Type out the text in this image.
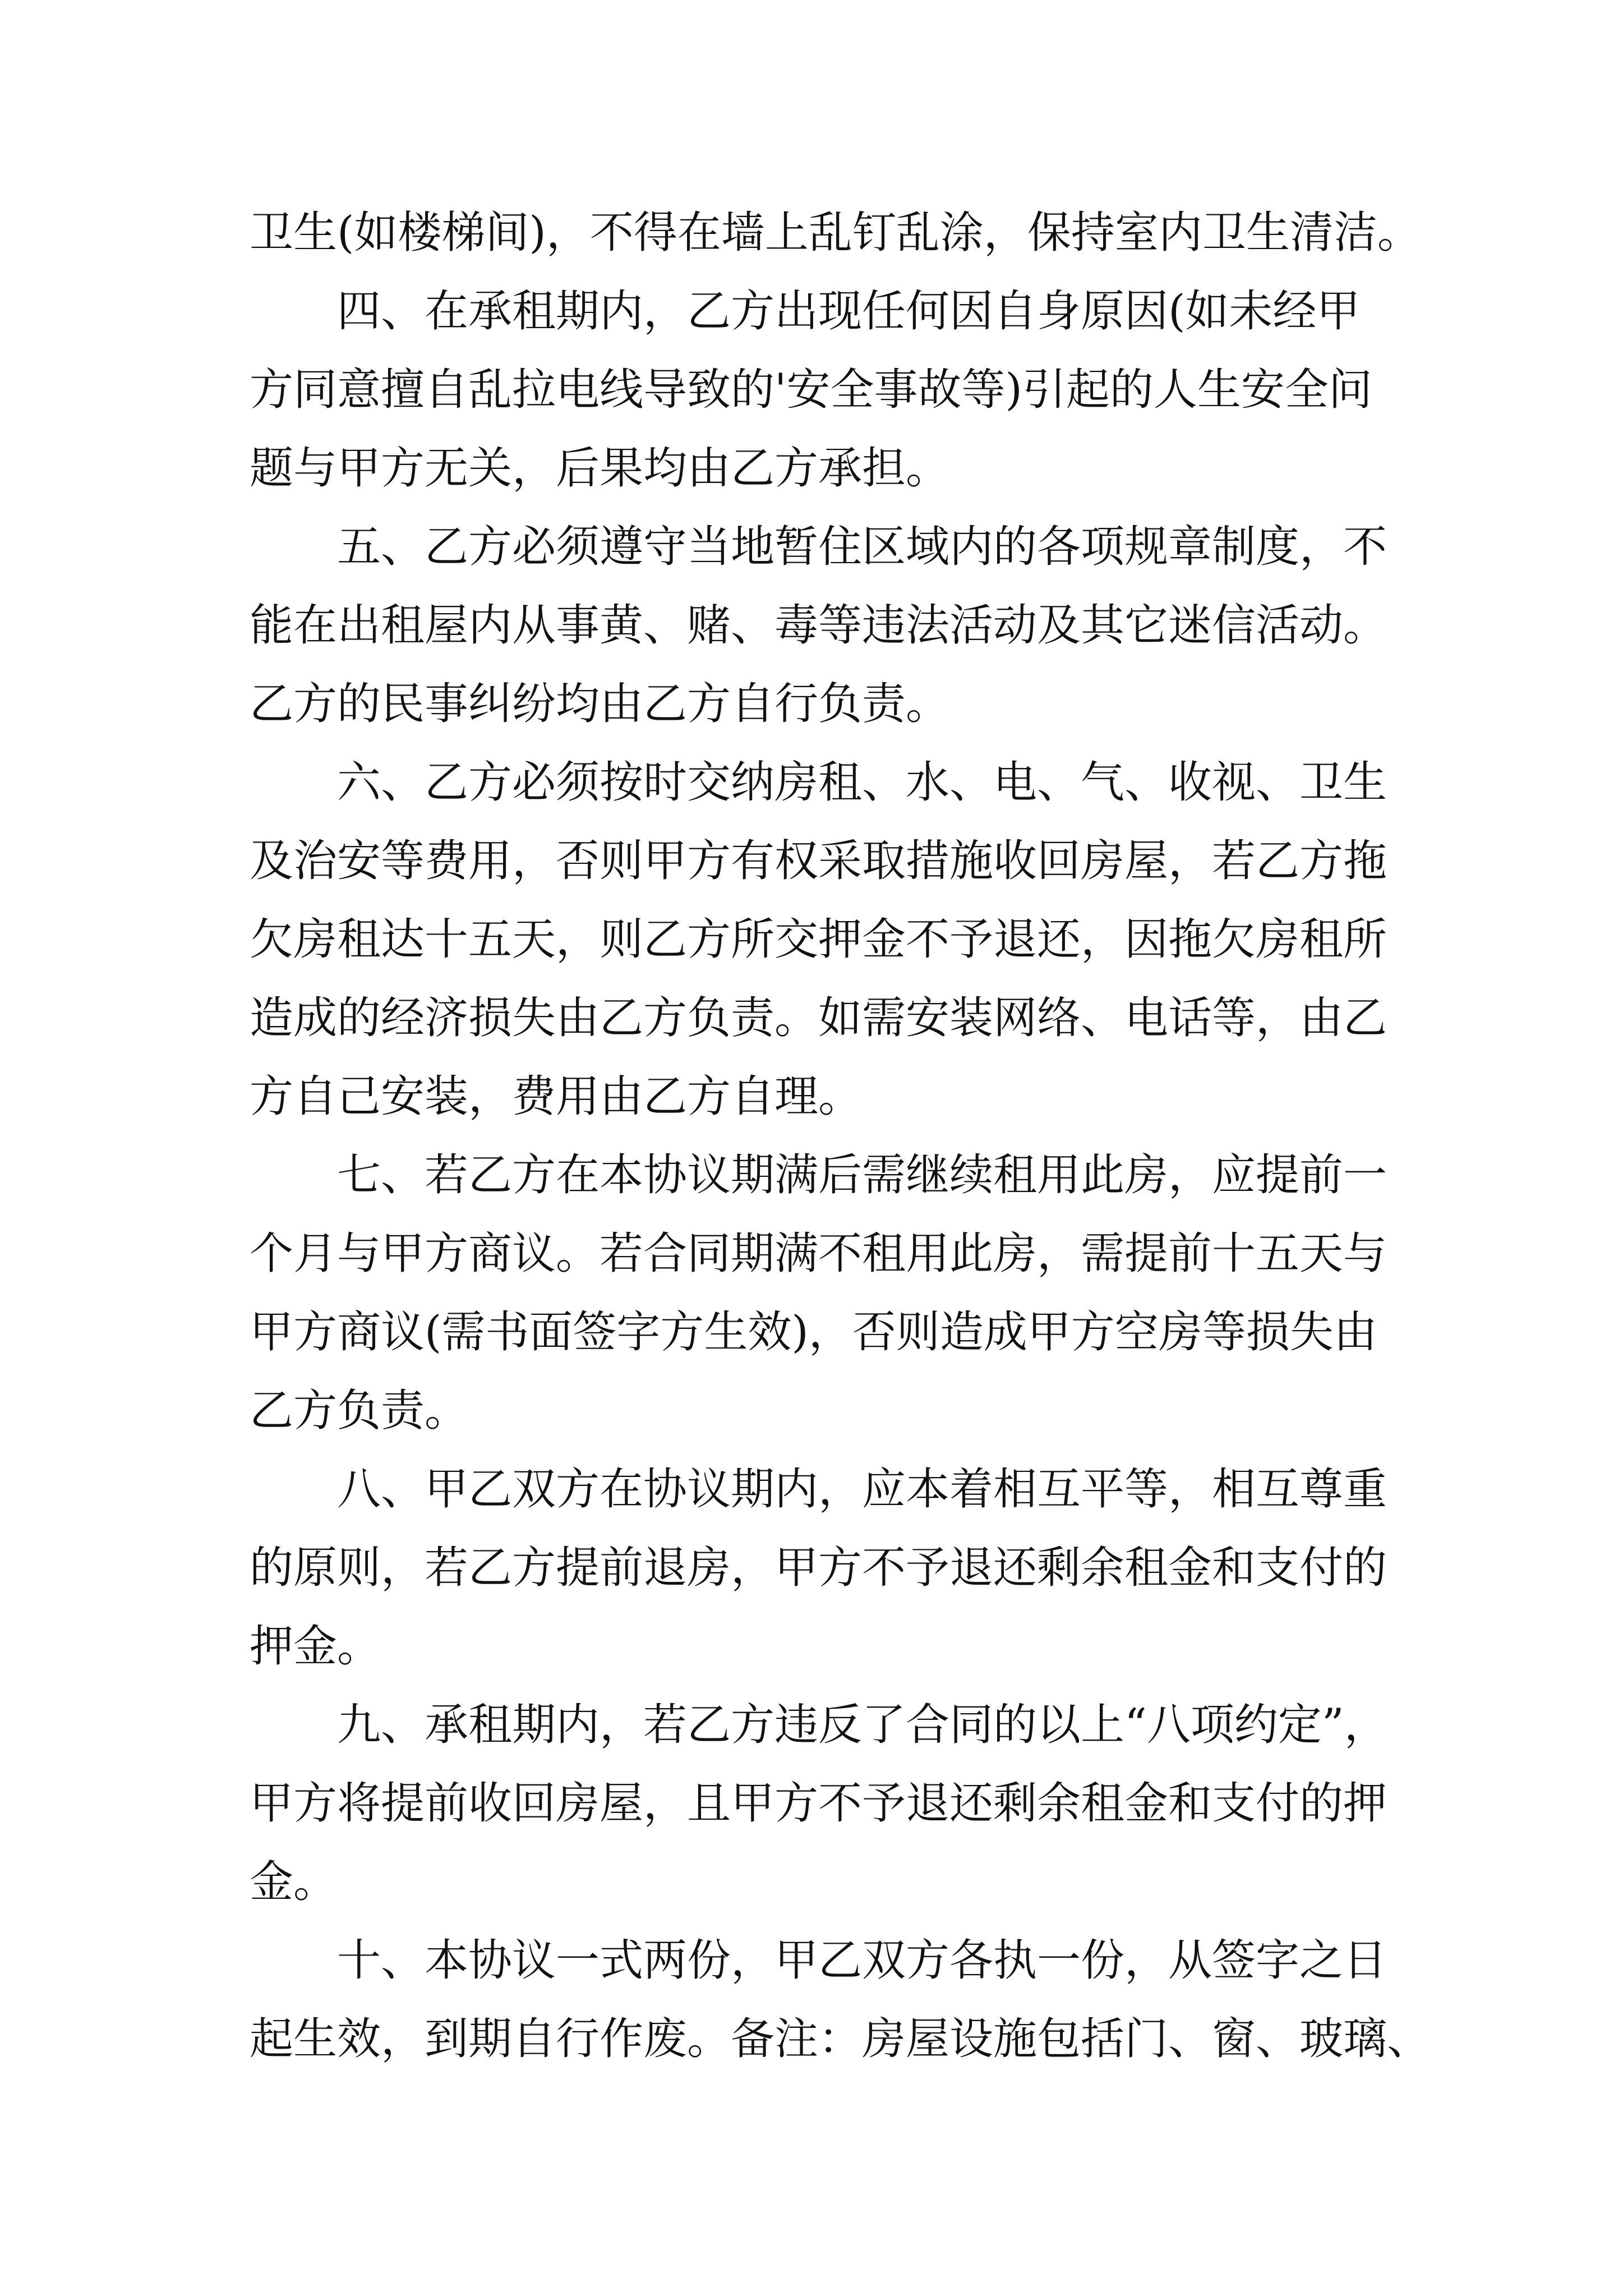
卫生(如楼梯间)，不得在墙上乱钉乱涂，保持室内卫生清洁。
四、在承租期内，乙方出现任何因自身原因(如未经甲
方同意擅自乱拉电线导致的'安全事故等)引起的人生安全问
题与甲方无关，后果均由乙方承担。
五、乙方必须遵守当地暂住区域内的各项规章制度，不
能在出租屋内从事黄、赌、毒等违法活动及其它迷信活动。
乙方的民事纠纷均由乙方自行负责。
六、乙方必须按时交纳房租、水、电、气、收视、卫生
及治安等费用，否则甲方有权采取措施收回房屋，若乙方拖
欠房租达十五天，则乙方所交押金不予退还，因拖欠房租所
造成的经济损失由乙方负责。如需安装网络、电话等，由乙
方自己安装，费用由乙方自理。
七、若乙方在本协议期满后需继续租用此房，应提前一
个月与甲方商议。若合同期满不租用此房，需提前十五天与
甲方商议(需书面签字方生效)，否则造成甲方空房等损失由
乙方负责。
八、甲乙双方在协议期内，应本着相互平等，相互尊重
的原则，若乙方提前退房，甲方不予退还剩余租金和支付的
押金。
九、承租期内，若乙方违反了合同的以上“八项约定”，
甲方将提前收回房屋，且甲方不予退还剩余租金和支付的押
金。
十、本协议一式两份，甲乙双方各执一份，从签字之日
起生效，到期自行作废。备注：房屋设施包括门、窗、玻璃、
